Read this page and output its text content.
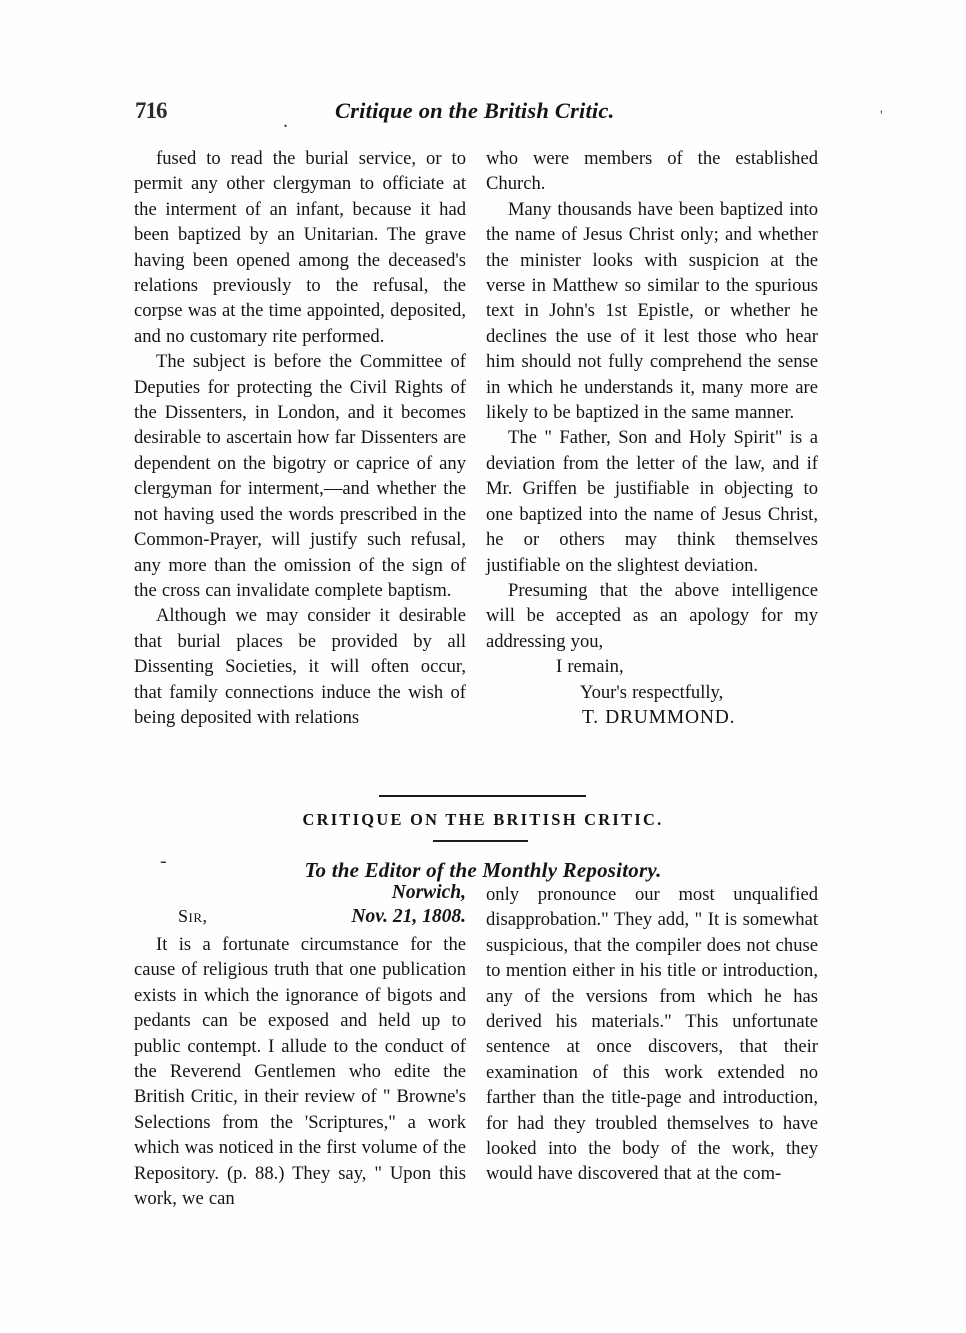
716	. Critique on the British Critic.	'

fused to read the burial service, or to permit any other clergyman to officiate at the interment of an infant, because it had been baptized by an Unitarian. The grave having been opened among the deceased's relations previously to the refusal, the corpse was at the time appointed, deposited, and no customary rite performed.

The subject is before the Committee of Deputies for protecting the Civil Rights of the Dissenters, in London, and it becomes desirable to ascertain how far Dissenters are dependent on the bigotry or caprice of any clergyman for interment,—and whether the not having used the words prescribed in the Common-Prayer, will justify such refusal, any more than the omission of the sign of the cross can invalidate complete baptism.

Although we may consider it desirable that burial places be provided by all Dissenting Societies, it will often occur, that family connections induce the wish of being deposited with relations

who were members of the established Church.

Many thousands have been baptized into the name of Jesus Christ only; and whether the minister looks with suspicion at the verse in Matthew so similar to the spurious text in John's 1st Epistle, or whether he declines the use of it lest those who hear him should not fully comprehend the sense in which he understands it, many more are likely to be baptized in the same manner.

The " Father, Son and Holy Spirit" is a deviation from the letter of the law, and if Mr. Griffen be justifiable in objecting to one baptized into the name of Jesus Christ, he or others may think themselves justifiable on the slightest deviation.

Presuming that the above intelligence will be accepted as an apology for my addressing you,

I remain,

Your's respectfully,

T. DRUMMOND.

CRITIQUE ON THE BRITISH CRITIC.
-	To the Editor of the Monthly Repository.
Norwich,
Sir,	Nov. 21, 1808.

It is a fortunate circumstance for the cause of religious truth that one publication exists in which the ignorance of bigots and pedants can be exposed and held up to public contempt. I allude to the conduct of the Reverend Gentlemen who edite the British Critic, in their review of " Browne's Selections from the 'Scriptures," a work which was noticed in the first volume of the Repository. (p. 88.) They say, " Upon this work, we can

only pronounce our most unqualified disapprobation." They add, " It is somewhat suspicious, that the compiler does not chuse to mention either in his title or introduction, any of the versions from which he has derived his materials." This unfortunate sentence at once discovers, that their examination of this work extended no farther than the title-page and introduction, for had they troubled themselves to have looked into the body of the work, they would have discovered that at the com-
